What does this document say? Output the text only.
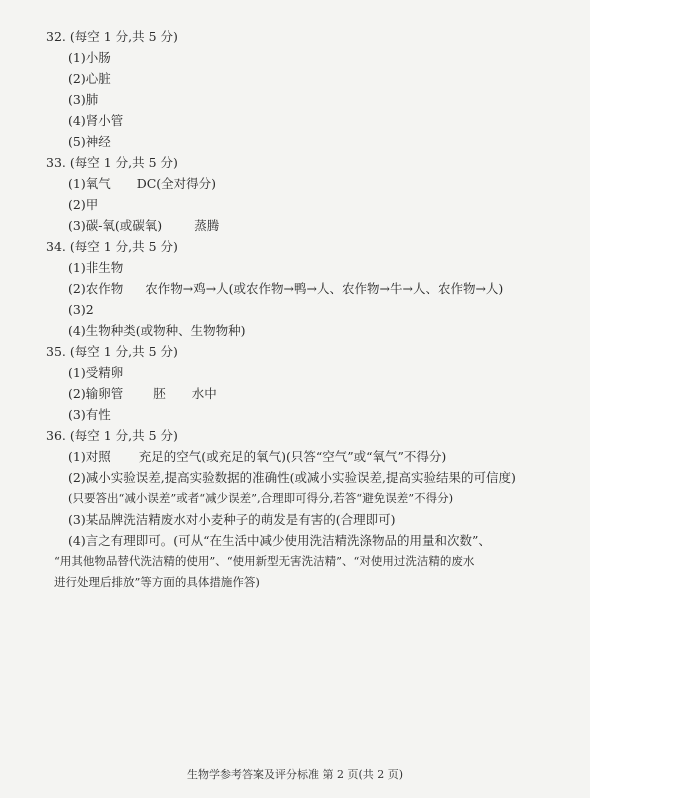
32. (每空 1 分,共 5 分)
(1)小肠
(2)心脏
(3)肺
(4)肾小管
(5)神经
33. (每空 1 分,共 5 分)
(1)氧气 DC(全对得分)
(2)甲
(3)碳-氧(或碳氧)	蒸腾
34. (每空 1 分,共 5 分)
(1)非生物
(2)农作物 农作物→鸡→人(或农作物→鸭→人、农作物→牛→人、农作物→人)
(3)2
(4)生物种类(或物种、生物物种)
35. (每空 1 分,共 5 分)
(1)受精卵
(2)输卵管 胚 水中
(3)有性
36. (每空 1 分,共 5 分)
(1)对照 充足的空气(或充足的氧气)(只答“空气”或“氧气”不得分)
(2)减小实验误差,提高实验数据的准确性(或减小实验误差,提高实验结果的可信度)
(只要答出“减小误差”或者“减少误差”,合理即可得分,若答“避免误差”不得分)
(3)某品牌洗洁精废水对小麦种子的萌发是有害的(合理即可)
(4)言之有理即可。(可从“在生活中减少使用洗洁精洗涤物品的用量和次数”、
“用其他物品替代洗洁精的使用”、“使用新型无害洗洁精”、“对使用过洗洁精的废水
进行处理后排放”等方面的具体措施作答)
生物学参考答案及评分标准 第 2 页(共 2 页)
